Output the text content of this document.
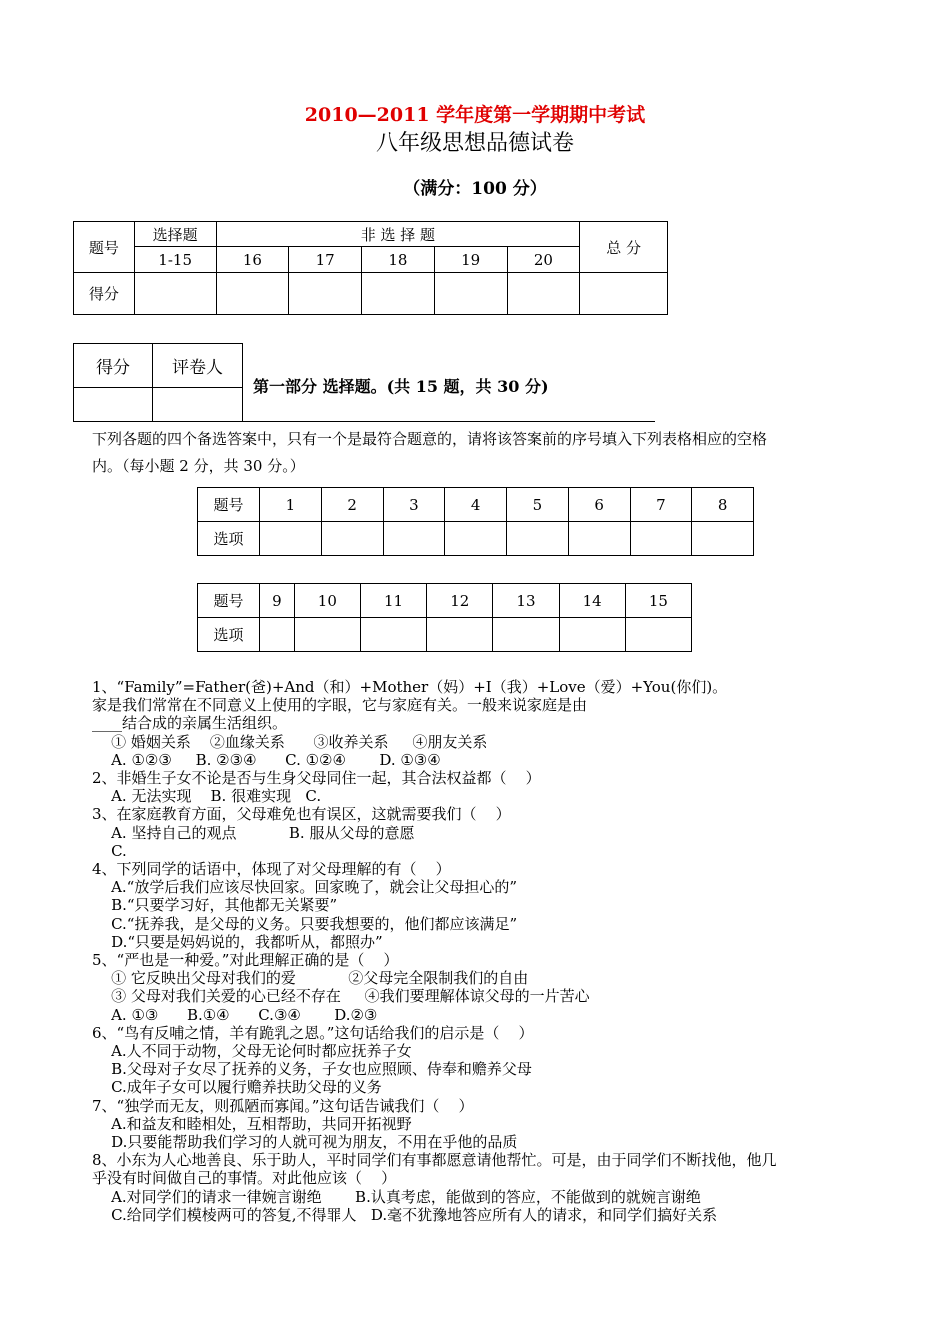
2010—2011 学年度第一学期期中考试
八年级思想品德试卷
（满分：100 分）
题号	选择题	非 选 择 题					总 分
	1-15	16	17	18	19	20	
得分							
得分	评卷人

第一部分 选择题。(共 15 题，共 30 分)
下列各题的四个备选答案中，只有一个是最符合题意的，请将该答案前的序号填入下列表格相应的空格
内。（每小题 2 分，共 30 分。）
题号	1	2	3	4	5	6	7	8
选项								
题号	9	10	11	12	13	14	15
选项							
1、“Family”=Father(爸)+And（和）+Mother（妈）+I（我）+Love（爱）+You(你们)。
家是我们常常在不同意义上使用的字眼，它与家庭有关。一般来说家庭是由
____结合成的亲属生活组织。
① 婚姻关系    ②血缘关系      ③收养关系     ④朋友关系
A. ①②③     B. ②③④      C. ①②④       D. ①③④
2、非婚生子女不论是否与生身父母同住一起，其合法权益都（    ）
A. 无法实现    B. 很难实现   C.
3、在家庭教育方面，父母难免也有误区，这就需要我们（    ）
A. 坚持自己的观点           B. 服从父母的意愿
C.
4、下列同学的话语中，体现了对父母理解的有（    ）
A.“放学后我们应该尽快回家。回家晚了，就会让父母担心的”
B.“只要学习好，其他都无关紧要”
C.“抚养我，是父母的义务。只要我想要的，他们都应该满足”
D.“只要是妈妈说的，我都听从，都照办”
5、“严也是一种爱。”对此理解正确的是（    ）
① 它反映出父母对我们的爱           ②父母完全限制我们的自由
③ 父母对我们关爱的心已经不存在     ④我们要理解体谅父母的一片苦心
A. ①③      B.①④      C.③④       D.②③
6、“鸟有反哺之情，羊有跪乳之恩。”这句话给我们的启示是（    ）
A.人不同于动物，父母无论何时都应抚养子女
B.父母对子女尽了抚养的义务，子女也应照顾、侍奉和赡养父母
C.成年子女可以履行赡养扶助父母的义务
7、“独学而无友，则孤陋而寡闻。”这句话告诫我们（    ）
A.和益友和睦相处，互相帮助，共同开拓视野
D.只要能帮助我们学习的人就可视为朋友，不用在乎他的品质
8、小东为人心地善良、乐于助人，平时同学们有事都愿意请他帮忙。可是，由于同学们不断找他，他几
乎没有时间做自己的事情。对此他应该（    ）
A.对同学们的请求一律婉言谢绝       B.认真考虑，能做到的答应，不能做到的就婉言谢绝
C.给同学们模棱两可的答复,不得罪人   D.毫不犹豫地答应所有人的请求，和同学们搞好关系
